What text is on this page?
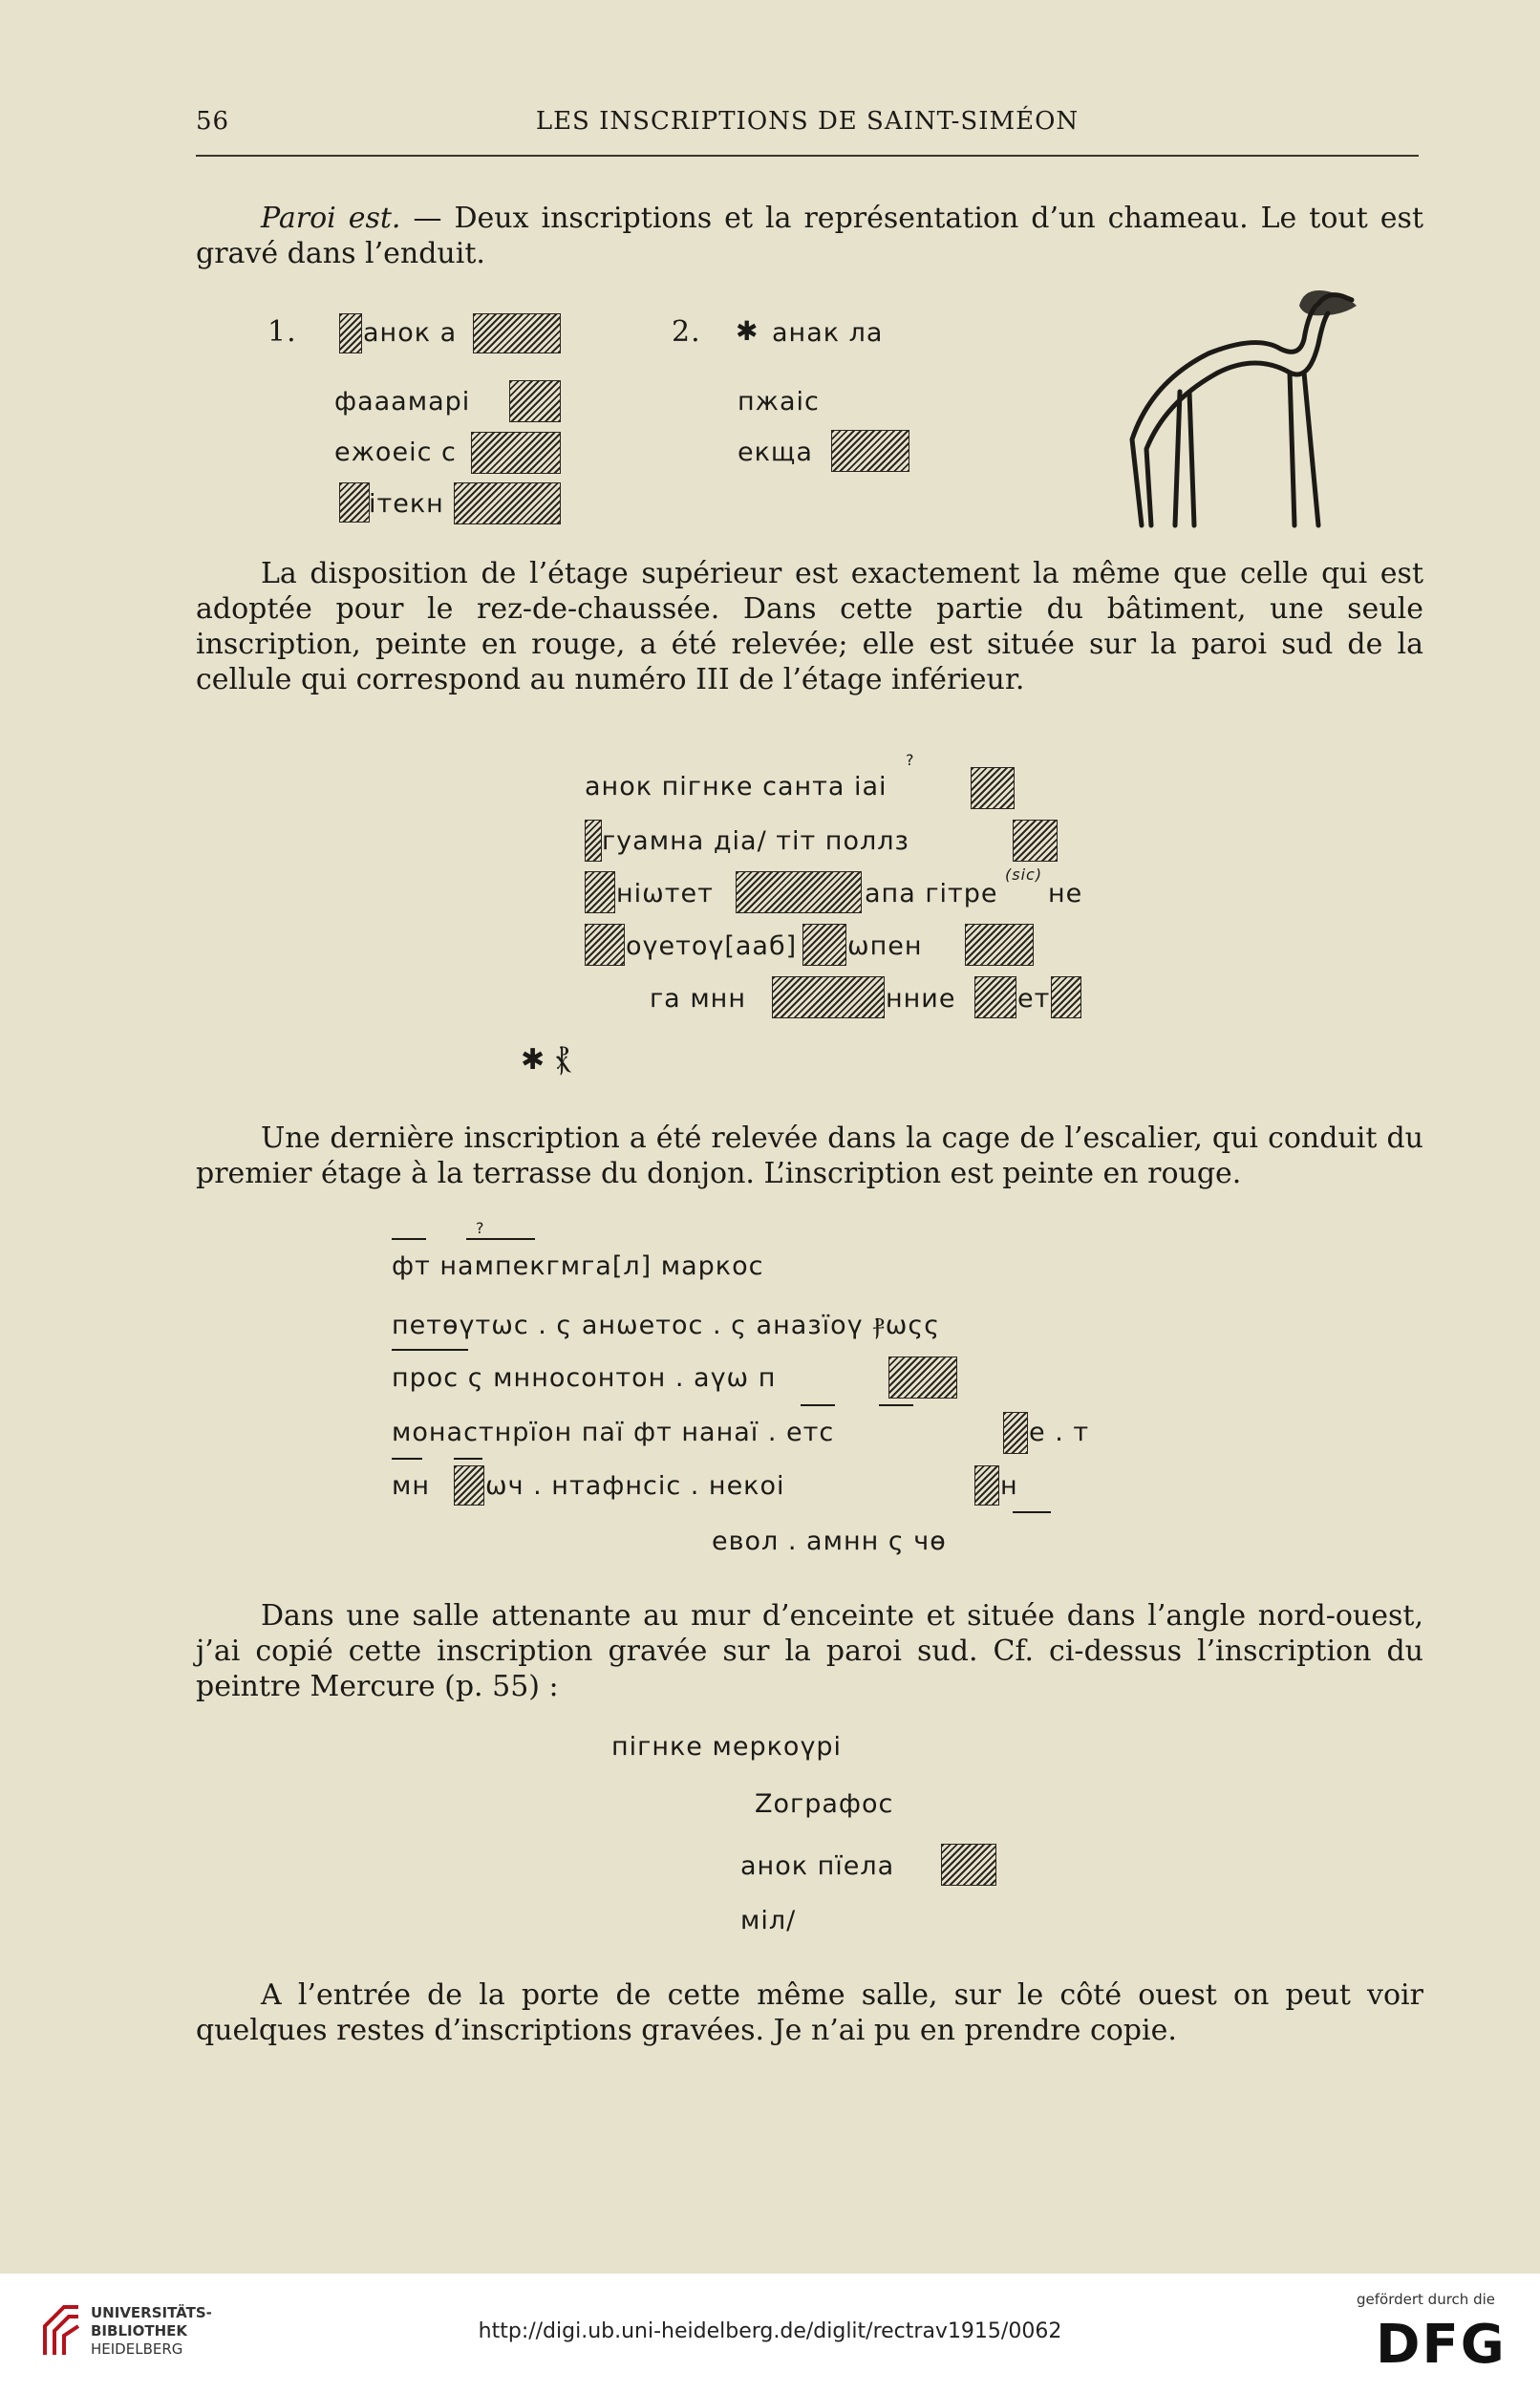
56	LES INSCRIPTIONS DE SAINT-SIMÉON
Paroi est. — Deux inscriptions et la représentation d’un chameau. Le tout est gravé dans l’enduit.
1.	анок а
фааамарі
ежоеіс с
ітекн
2. ✱ анак ла
пжаіс
екща
La disposition de l’étage supérieur est exactement la même que celle qui est adoptée pour le rez-de-chaussée. Dans cette partie du bâtiment, une seule inscription, peinte en rouge, a été relevée; elle est située sur la paroi sud de la cellule qui correspond au numéro III de l’étage inférieur.
?
анок пігнке санта іаі
гуамна діа/ тіт поллз
ніωтет	апа гітре
(sic)
не
оүетоү[ааб] ωпен
га мнн	нние ет
✱ ⳩
Une dernière inscription a été relevée dans la cage de l’escalier, qui conduit du premier étage à la terrasse du donjon. L’inscription est peinte en rouge.
?
фт нампекгмга[л] маркос
петөүтωс . ς анωетос . ς аназїоү ⳁωςς
прос ς мнносонтон . аүω п
монастнрїон паї фт нанаї . етс	е . т
мн ωч . нтафнсіс . некоі	н
евол . амнн ς чө
Dans une salle attenante au mur d’enceinte et située dans l’angle nord-ouest, j’ai copié cette inscription gravée sur la paroi sud. Cf. ci-dessus l’inscription du peintre Mercure (p. 55) :
пігнке меркоүрі
Zографос
анок пїела
міл/
A l’entrée de la porte de cette même salle, sur le côté ouest on peut voir quelques restes d’inscriptions gravées. Je n’ai pu en prendre copie.
UNIVERSITÄTS-
BIBLIOTHEK
HEIDELBERG
http://digi.ub.uni-heidelberg.de/diglit/rectrav1915/0062
gefördert durch die
DFG
